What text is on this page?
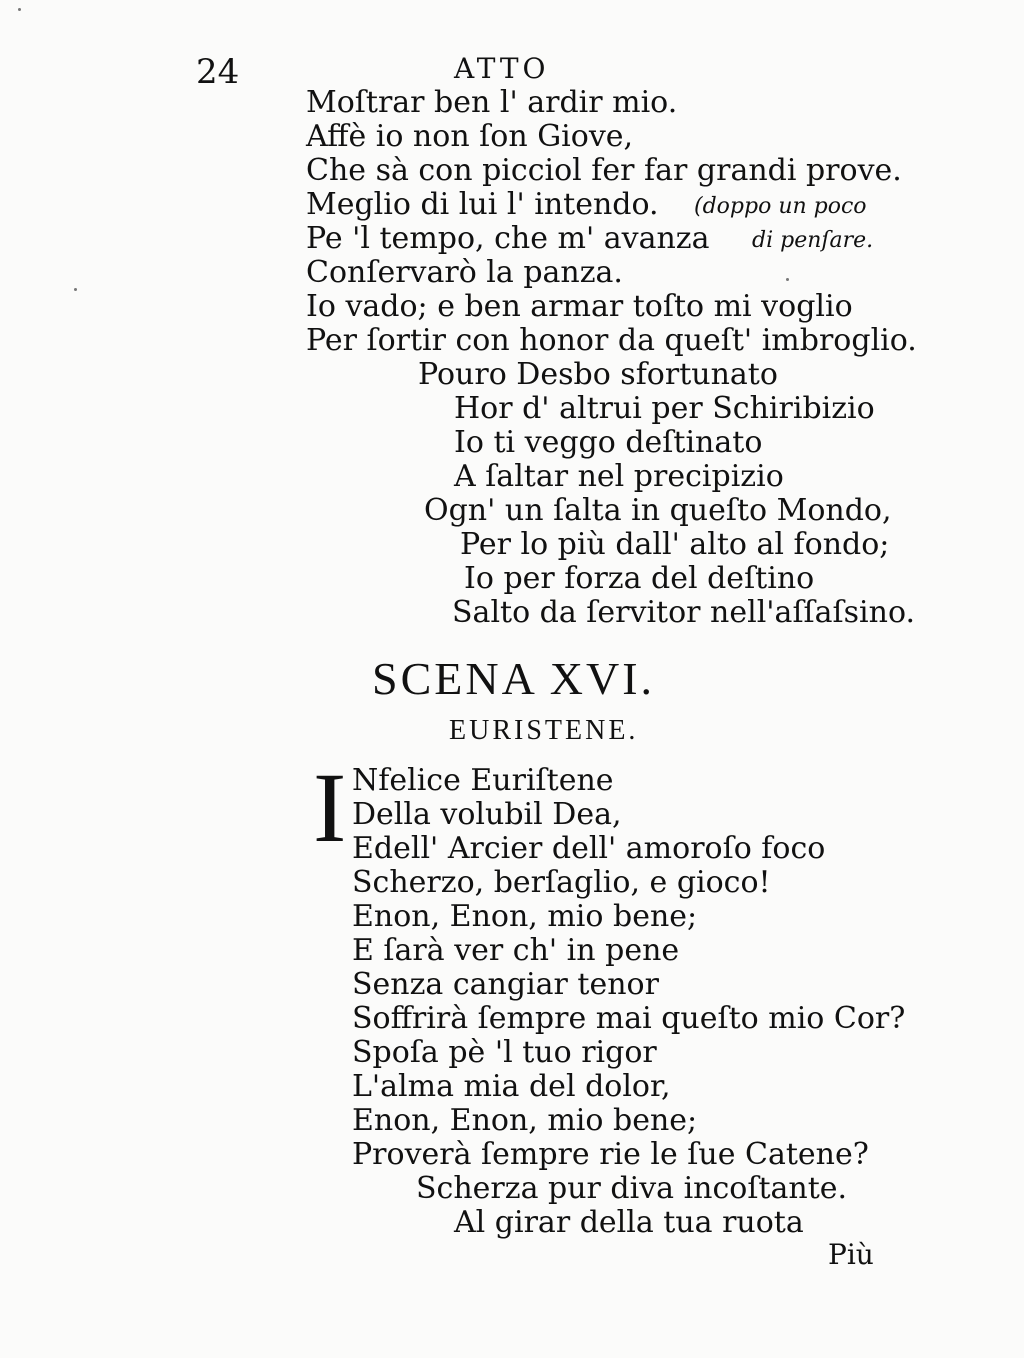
24	ATTO
Moſtrar ben l' ardir mio.
Affè io non ſon Giove,
Che sà con picciol fer far grandi prove.
Meglio di lui l' intendo.
Pe 'l tempo, che m' avanza
Conſervarò la panza.
Io vado; e ben armar toſto mi voglio
Per ſortir con honor da queſt' imbroglio.
Pouro Desbo sfortunato
Hor d' altrui per Schiribizio
Io ti veggo deſtinato
A ſaltar nel precipizio
Ogn' un ſalta in queſto Mondo,
Per lo più dall' alto al fondo;
Io per forza del deſtino
Salto da ſervitor nell'aſſaſsino.
(doppo un poco
di penſare.
SCENA XVI.
EURISTENE.
I Nfelice Euriſtene
Della volubil Dea,
Edell' Arcier dell' amoroſo foco
Scherzo, berſaglio, e gioco!
Enon, Enon, mio bene;
E ſarà ver ch' in pene
Senza cangiar tenor
Soffrirà ſempre mai queſto mio Cor?
Spoſa pè 'l tuo rigor
L'alma mia del dolor,
Enon, Enon, mio bene;
Proverà ſempre rie le ſue Catene?
Scherza pur diva incoſtante.
Al girar della tua ruota
Più
